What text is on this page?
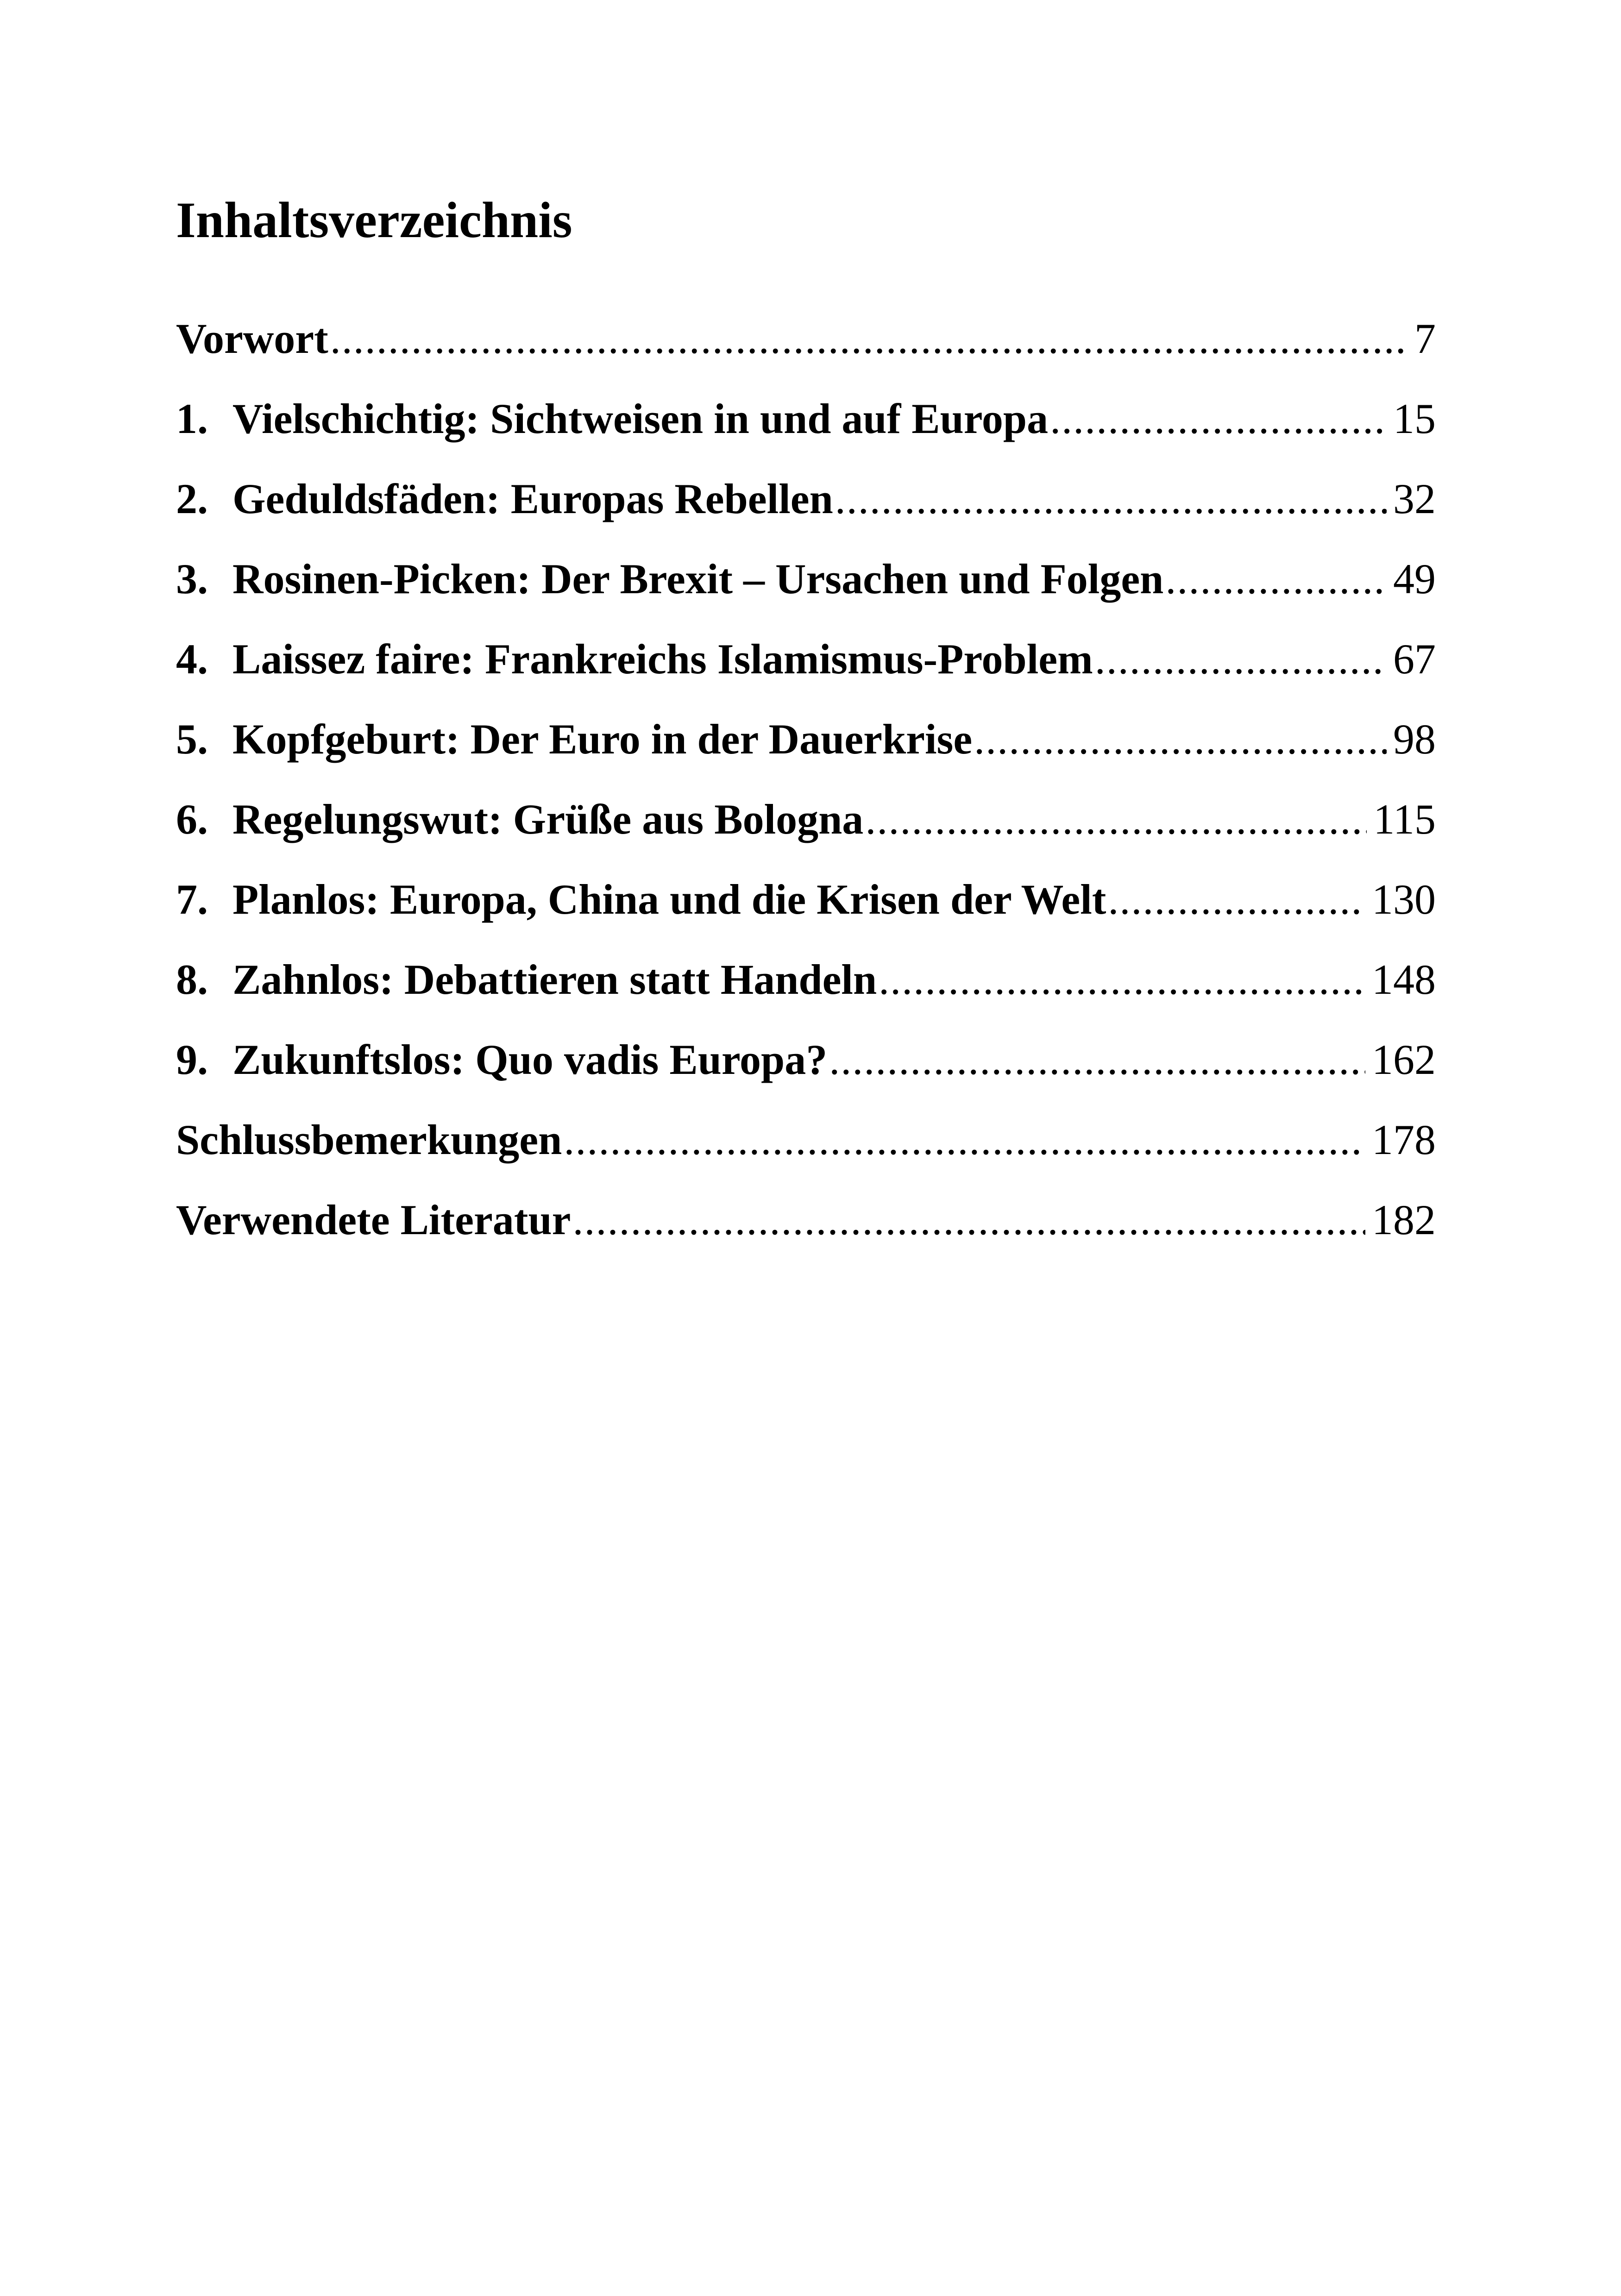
Inhaltsverzeichnis
Vorwort .....	7
1. Vielschichtig: Sichtweisen in und auf Europa .....	15
2. Geduldsfäden: Europas Rebellen .....	32
3. Rosinen-Picken: Der Brexit – Ursachen und Folgen .....	49
4. Laissez faire: Frankreichs Islamismus-Problem .....	67
5. Kopfgeburt: Der Euro in der Dauerkrise .....	98
6. Regelungswut: Grüße aus Bologna .....	115
7. Planlos: Europa, China und die Krisen der Welt .....	130
8. Zahnlos: Debattieren statt Handeln .....	148
9. Zukunftslos: Quo vadis Europa? .....	162
Schlussbemerkungen .....	178
Verwendete Literatur .....	182
